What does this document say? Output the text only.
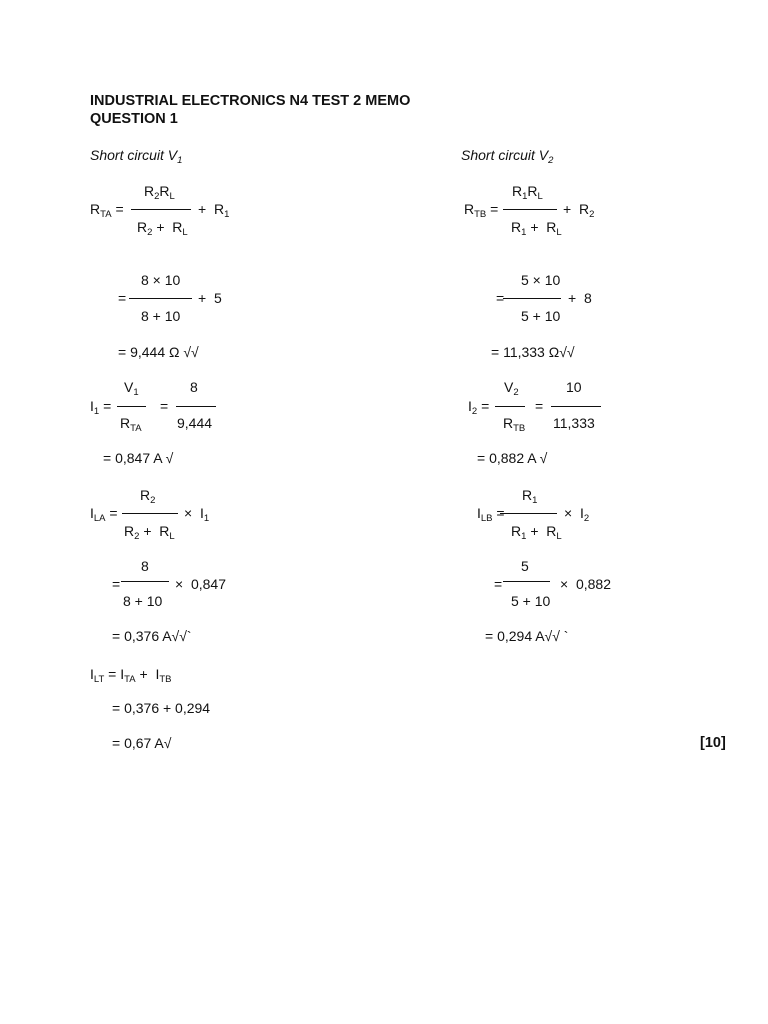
INDUSTRIAL ELECTRONICS N4 TEST 2 MEMO
QUESTION 1
Short circuit $V_1$
$R_2R_L$
$R_{TA}$ =	+ $R_1$
$R_2 + R_L$
8 × 10
=	+ 5
8 + 10
= 9,444 Ω √√
$V_1$	8
$I_1$ =	=
$R_{TA}$	9,444
= 0,847 A √
$R_2$
$I_{LA}$ =	× $I_1$
$R_2 + R_L$
8
=	× 0,847
8 + 10
= 0,376 A√√`
$I_{LT} = I_{TA} + I_{TB}$
= 0,376 + 0,294
= 0,67 A√
Short circuit $V_2$
$R_1R_L$
$R_{TB}$ =	+ $R_2$
$R_1 + R_L$
5 × 10
=	+ 8
5 + 10
= 11,333 Ω√√
$V_2$	10
$I_2$ =	=
$R_{TB}$ 11,333
= 0,882 A √
$R_1$
$I_{LB}$ =	× $I_2$
$R_1 + R_L$
5
=	× 0,882
5 + 10
= 0,294 A√√ `
[10]
